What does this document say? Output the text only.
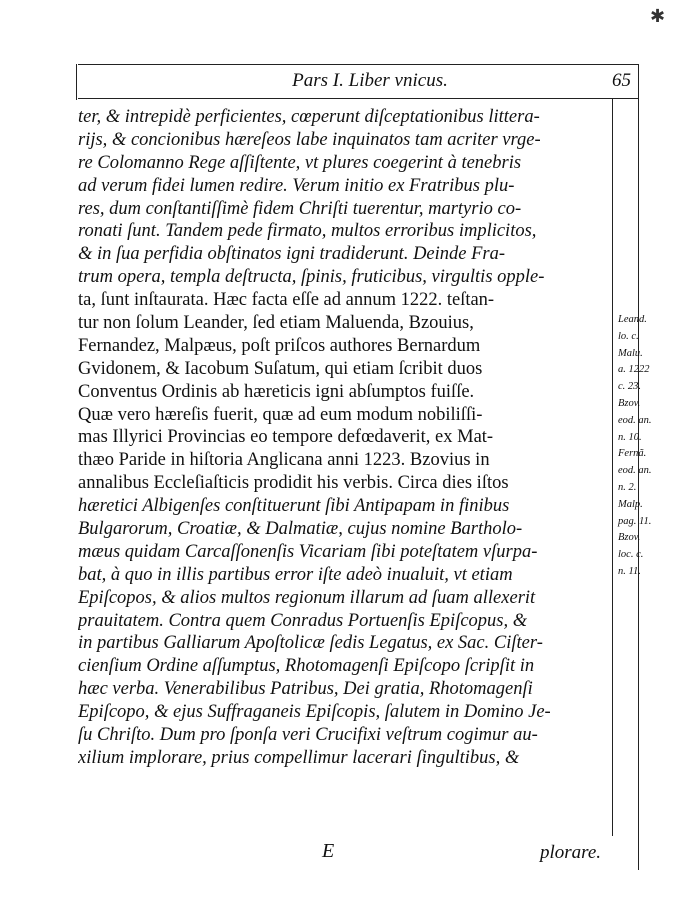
✱
Pars I. Liber vnicus.	65
ter, & intrepidè perficientes, cœperunt diſceptationibus littera-
rijs, & concionibus hæreſeos labe inquinatos tam acriter vrge-
re Colomanno Rege aſſiſtente, vt plures coegerint à tenebris
ad verum fidei lumen redire. Verum initio ex Fratribus plu-
res, dum conſtantiſſimè fidem Chriſti tuerentur, martyrio co-
ronati ſunt. Tandem pede firmato, multos erroribus implicitos,
& in ſua perfidia obſtinatos igni tradiderunt. Deinde Fra-
trum opera, templa deſtructa, ſpinis, fruticibus, virgultis opple-
ta, ſunt inſtaurata. Hæc facta eſſe ad annum 1222. teſtan-
tur non ſolum Leander, ſed etiam Maluenda, Bzouius,
Fernandez, Malpæus, poſt priſcos authores Bernardum
Gvidonem, & Iacobum Suſatum, qui etiam ſcribit duos
Conventus Ordinis ab hæreticis igni abſumptos fuiſſe.
Quæ vero hæreſis fuerit, quæ ad eum modum nobiliſſi-
mas Illyrici Provincias eo tempore defœdaverit, ex Mat-
thæo Paride in hiſtoria Anglicana anni 1223. Bzovius in
annalibus Eccleſiaſticis prodidit his verbis. Circa dies iſtos
hæretici Albigenſes conſtituerunt ſibi Antipapam in finibus
Bulgarorum, Croatiæ, & Dalmatiæ, cujus nomine Bartholo-
mæus quidam Carcaſſonenſis Vicariam ſibi poteſtatem vſurpa-
bat, à quo in illis partibus error iſte adeò inualuit, vt etiam
Epiſcopos, & alios multos regionum illarum ad ſuam allexerit
prauitatem. Contra quem Conradus Portuenſis Epiſcopus, &
in partibus Galliarum Apoſtolicæ ſedis Legatus, ex Sac. Ciſter-
cienſium Ordine aſſumptus, Rhotomagenſi Epiſcopo ſcripſit in
hæc verba. Venerabilibus Patribus, Dei gratia, Rhotomagenſi
Epiſcopo, & ejus Suffraganeis Epiſcopis, ſalutem in Domino Je-
ſu Chriſto. Dum pro ſponſa veri Crucifixi veſtrum cogimur au-
xilium implorare, prius compellimur lacerari ſingultibus, &
Leand.
lo. c.
Malu.
a. 1222
c. 23.
Bzov.
eod. an.
n. 10.
Fernã.
eod. an.
n. 2.
Malp.
pag. 11.
Bzov.
loc. c.
n. 11.
E	plorare.
